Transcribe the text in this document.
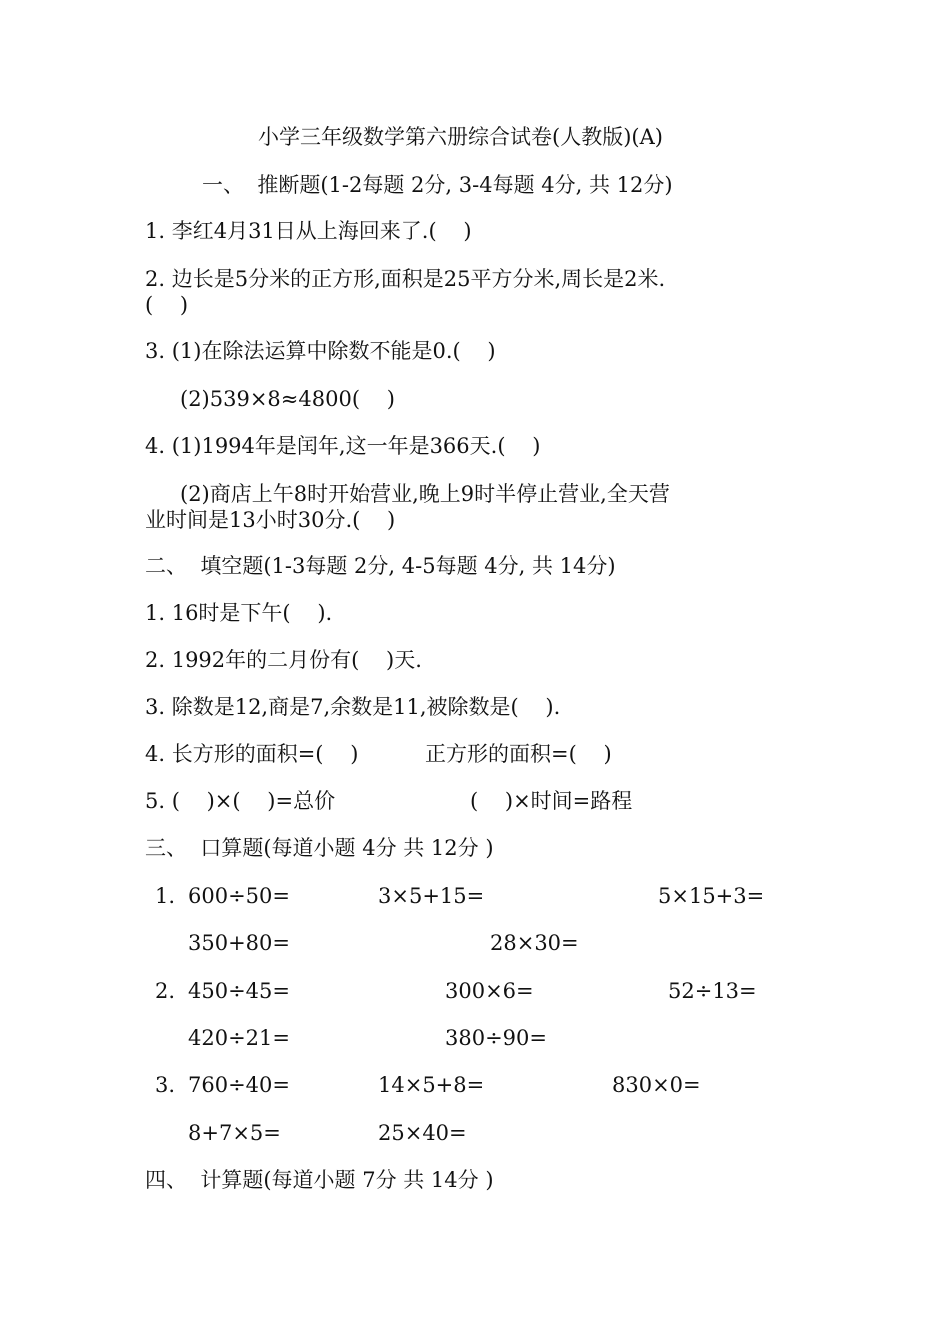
小学三年级数学第六册综合试卷(人教版)(A)
一、  推断题(1-2每题 2分, 3-4每题 4分, 共 12分)
1. 李红4月31日从上海回来了.(    )
2. 边长是5分米的正方形,面积是25平方分米,周长是2米.
(    )
3. (1)在除法运算中除数不能是0.(    )
(2)539×8≈4800(    )
4. (1)1994年是闰年,这一年是366天.(    )
(2)商店上午8时开始营业,晚上9时半停止营业,全天营
业时间是13小时30分.(    )
二、  填空题(1-3每题 2分, 4-5每题 4分, 共 14分)
1. 16时是下午(    ).
2. 1992年的二月份有(    )天.
3. 除数是12,商是7,余数是11,被除数是(    ).
4. 长方形的面积=(    )	正方形的面积=(    )
5. (    )×(    )=总价	(    )×时间=路程
三、  口算题(每道小题 4分 共 12分 )
1. 600÷50=	3×5+15=	5×15+3=
350+80=	28×30=
2. 450÷45=	300×6=	52÷13=
420÷21=	380÷90=
3. 760÷40=	14×5+8=	830×0=
8+7×5=	25×40=
四、  计算题(每道小题 7分 共 14分 )
